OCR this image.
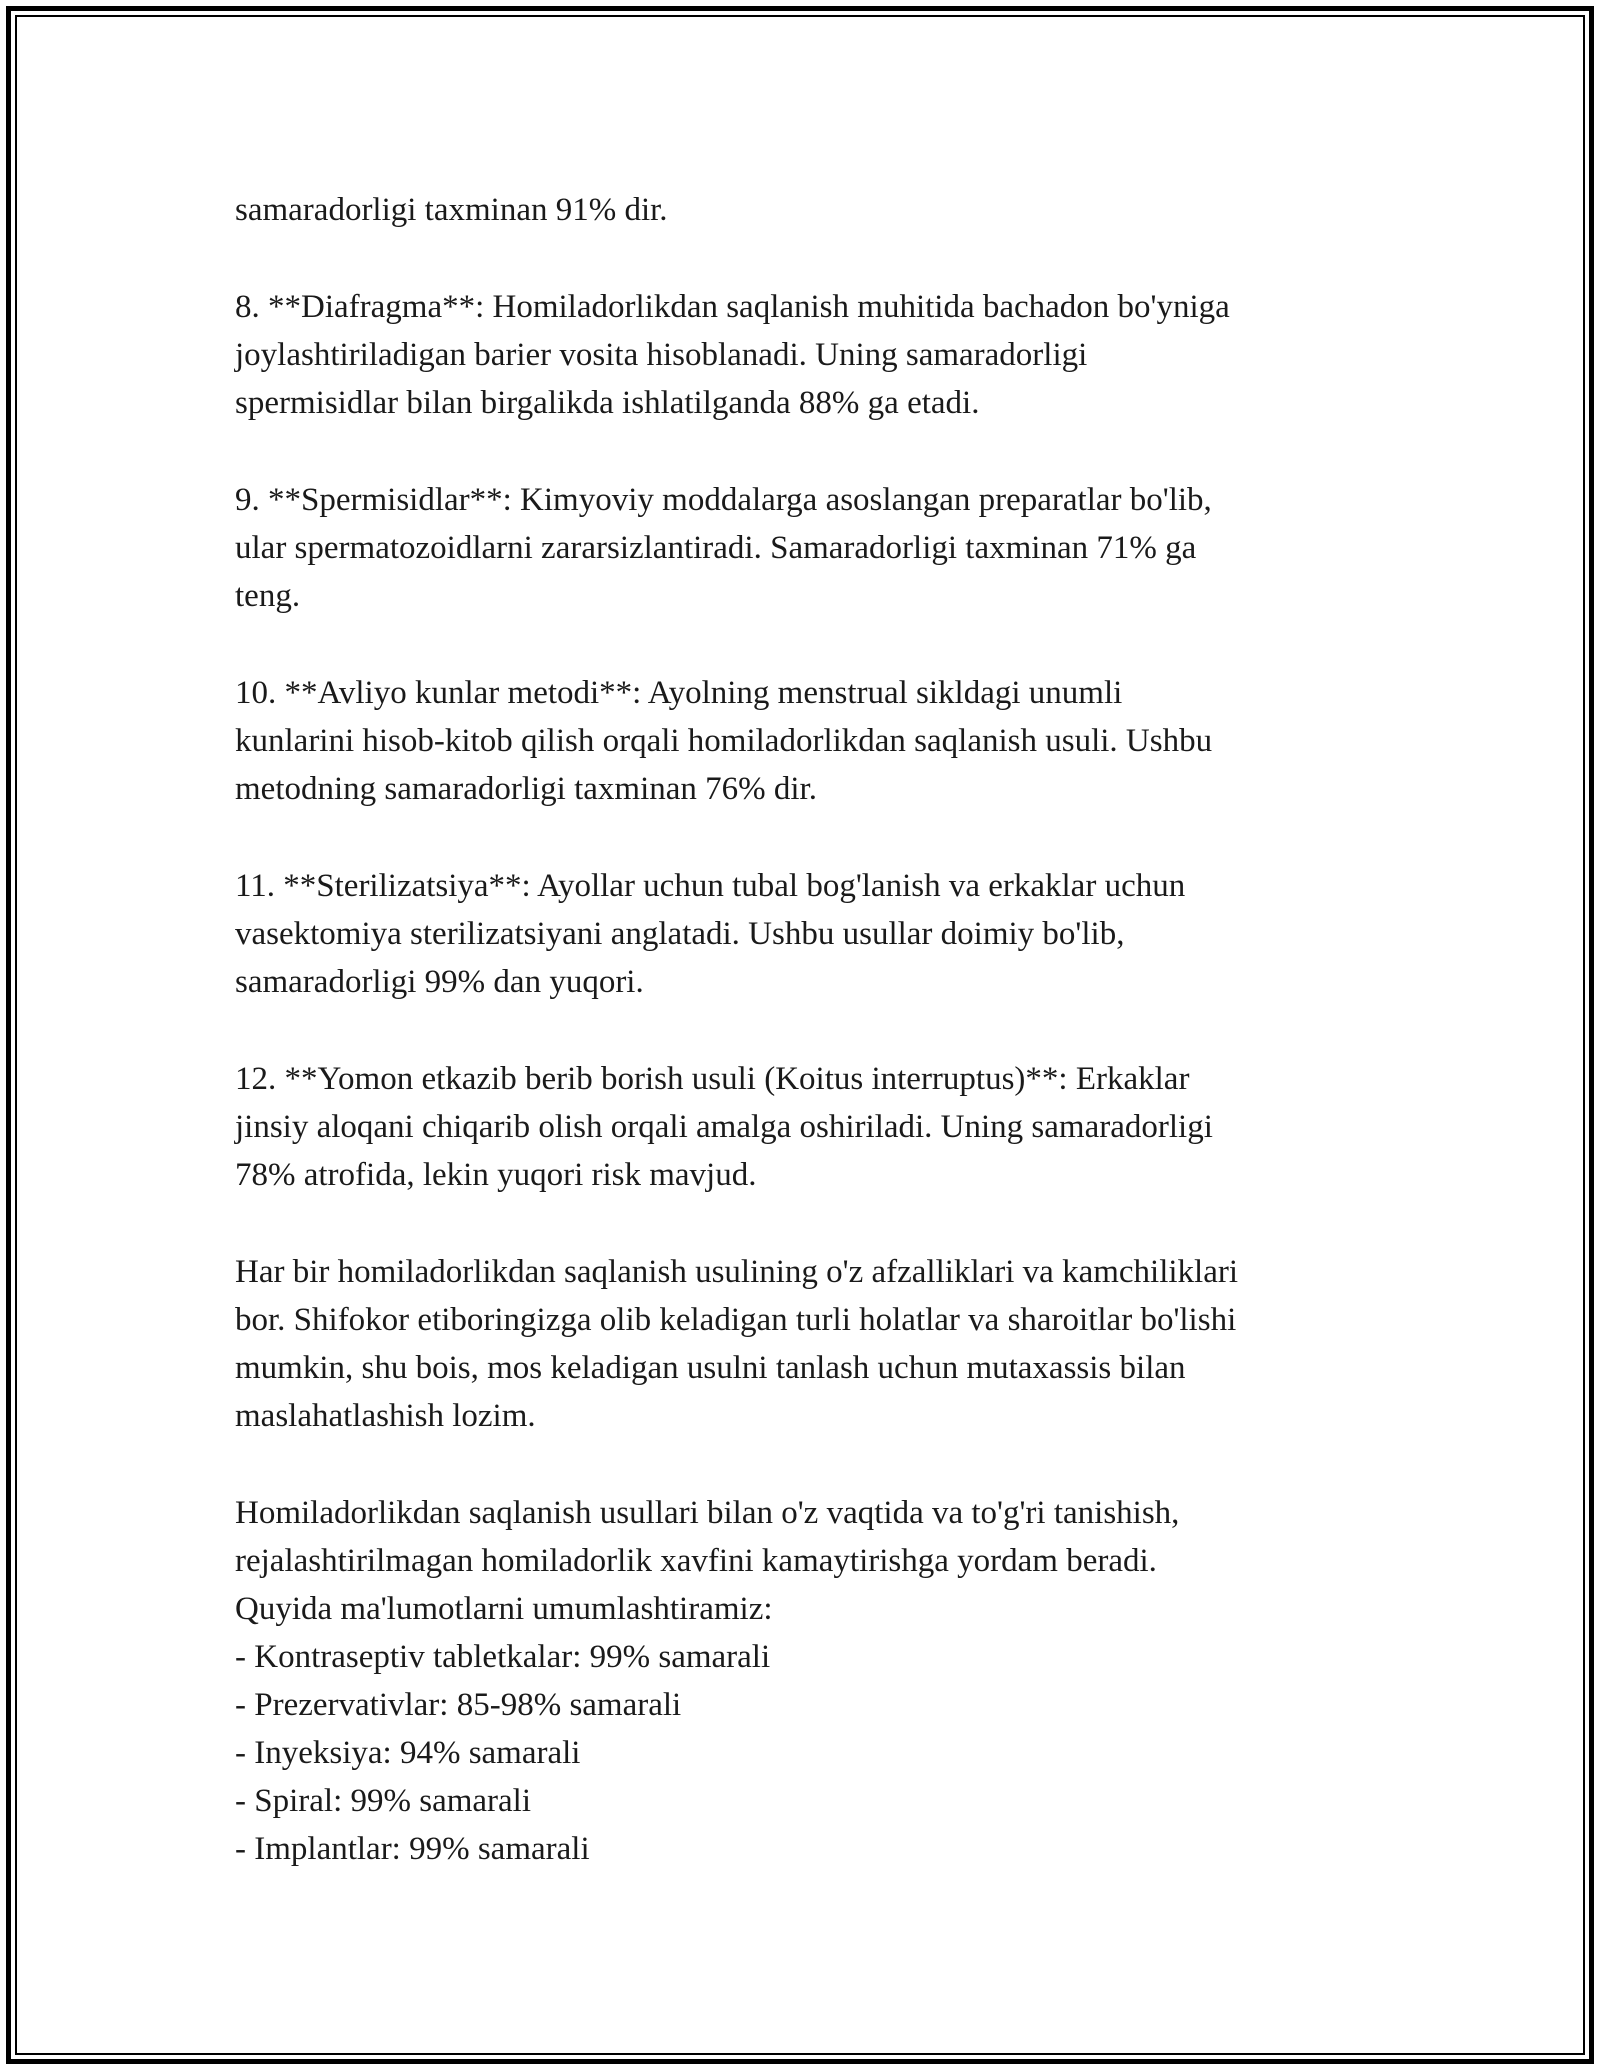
samaradorligi taxminan 91% dir.

8. **Diafragma**: Homiladorlikdan saqlanish muhitida bachadon bo'yniga
joylashtiriladigan barier vosita hisoblanadi. Uning samaradorligi
spermisidlar bilan birgalikda ishlatilganda 88% ga etadi.

9. **Spermisidlar**: Kimyoviy moddalarga asoslangan preparatlar bo'lib,
ular spermatozoidlarni zararsizlantiradi. Samaradorligi taxminan 71% ga
teng.

10. **Avliyo kunlar metodi**: Ayolning menstrual sikldagi unumli
kunlarini hisob-kitob qilish orqali homiladorlikdan saqlanish usuli. Ushbu
metodning samaradorligi taxminan 76% dir.

11. **Sterilizatsiya**: Ayollar uchun tubal bog'lanish va erkaklar uchun
vasektomiya sterilizatsiyani anglatadi. Ushbu usullar doimiy bo'lib,
samaradorligi 99% dan yuqori.

12. **Yomon etkazib berib borish usuli (Koitus interruptus)**: Erkaklar
jinsiy aloqani chiqarib olish orqali amalga oshiriladi. Uning samaradorligi
78% atrofida, lekin yuqori risk mavjud.

Har bir homiladorlikdan saqlanish usulining o'z afzalliklari va kamchiliklari
bor. Shifokor etiboringizga olib keladigan turli holatlar va sharoitlar bo'lishi
mumkin, shu bois, mos keladigan usulni tanlash uchun mutaxassis bilan
maslahatlashish lozim.

Homiladorlikdan saqlanish usullari bilan o'z vaqtida va to'g'ri tanishish,
rejalashtirilmagan homiladorlik xavfini kamaytirishga yordam beradi.
Quyida ma'lumotlarni umumlashtiramiz:
- Kontraseptiv tabletkalar: 99% samarali
- Prezervativlar: 85-98% samarali
- Inyeksiya: 94% samarali
- Spiral: 99% samarali
- Implantlar: 99% samarali
